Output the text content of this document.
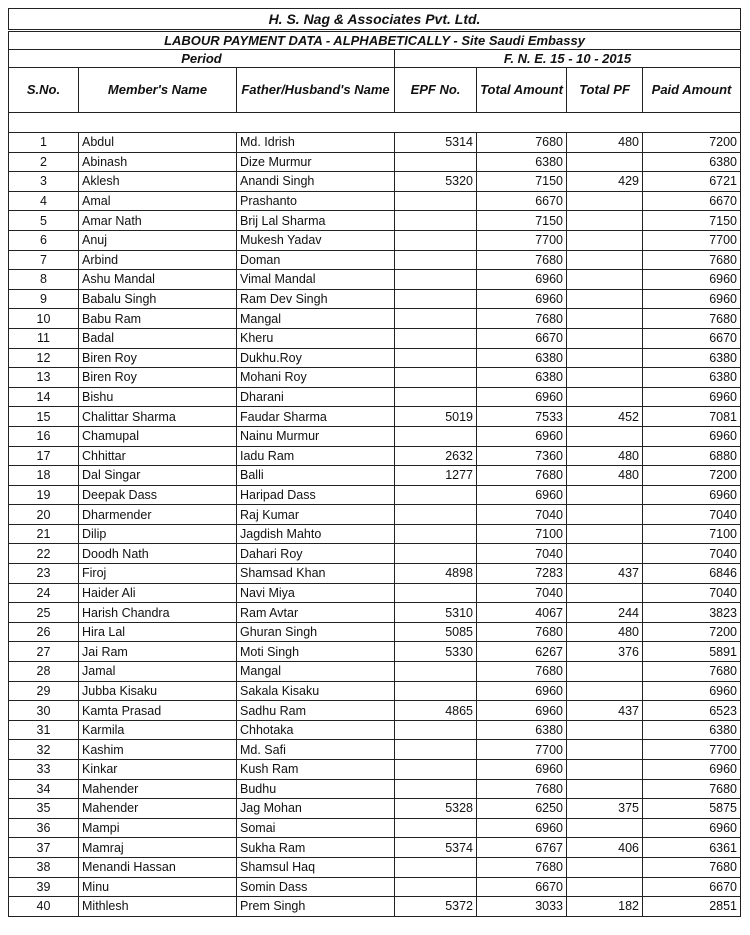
H. S. Nag & Associates Pvt. Ltd.						
LABOUR PAYMENT DATA - ALPHABETICALLY - Site Saudi Embassy						
Period			F. N. E. 15 - 10 - 2015			
S.No.	Member's Name	Father/Husband's Name	EPF No.	Total Amount	Total PF	Paid Amount

1	Abdul	Md. Idrish	5314	7680	480	7200
2	Abinash	Dize Murmur		6380		6380
3	Aklesh	Anandi Singh	5320	7150	429	6721
4	Amal	Prashanto		6670		6670
5	Amar Nath	Brij Lal Sharma		7150		7150
6	Anuj	Mukesh Yadav		7700		7700
7	Arbind	Doman		7680		7680
8	Ashu Mandal	Vimal Mandal		6960		6960
9	Babalu Singh	Ram Dev Singh		6960		6960
10	Babu Ram	Mangal		7680		7680
11	Badal	Kheru		6670		6670
12	Biren Roy	Dukhu.Roy		6380		6380
13	Biren Roy	Mohani Roy		6380		6380
14	Bishu	Dharani		6960		6960
15	Chalittar Sharma	Faudar Sharma	5019	7533	452	7081
16	Chamupal	Nainu Murmur		6960		6960
17	Chhittar	Iadu Ram	2632	7360	480	6880
18	Dal Singar	Balli	1277	7680	480	7200
19	Deepak Dass	Haripad Dass		6960		6960
20	Dharmender	Raj Kumar		7040		7040
21	Dilip	Jagdish Mahto		7100		7100
22	Doodh Nath	Dahari Roy		7040		7040
23	Firoj	Shamsad Khan	4898	7283	437	6846
24	Haider Ali	Navi Miya		7040		7040
25	Harish Chandra	Ram Avtar	5310	4067	244	3823
26	Hira Lal	Ghuran Singh	5085	7680	480	7200
27	Jai Ram	Moti Singh	5330	6267	376	5891
28	Jamal	Mangal		7680		7680
29	Jubba Kisaku	Sakala Kisaku		6960		6960
30	Kamta Prasad	Sadhu Ram	4865	6960	437	6523
31	Karmila	Chhotaka		6380		6380
32	Kashim	Md. Safi		7700		7700
33	Kinkar	Kush Ram		6960		6960
34	Mahender	Budhu		7680		7680
35	Mahender	Jag Mohan	5328	6250	375	5875
36	Mampi	Somai		6960		6960
37	Mamraj	Sukha Ram	5374	6767	406	6361
38	Menandi Hassan	Shamsul Haq		7680		7680
39	Minu	Somin Dass		6670		6670
40	Mithlesh	Prem Singh	5372	3033	182	2851
